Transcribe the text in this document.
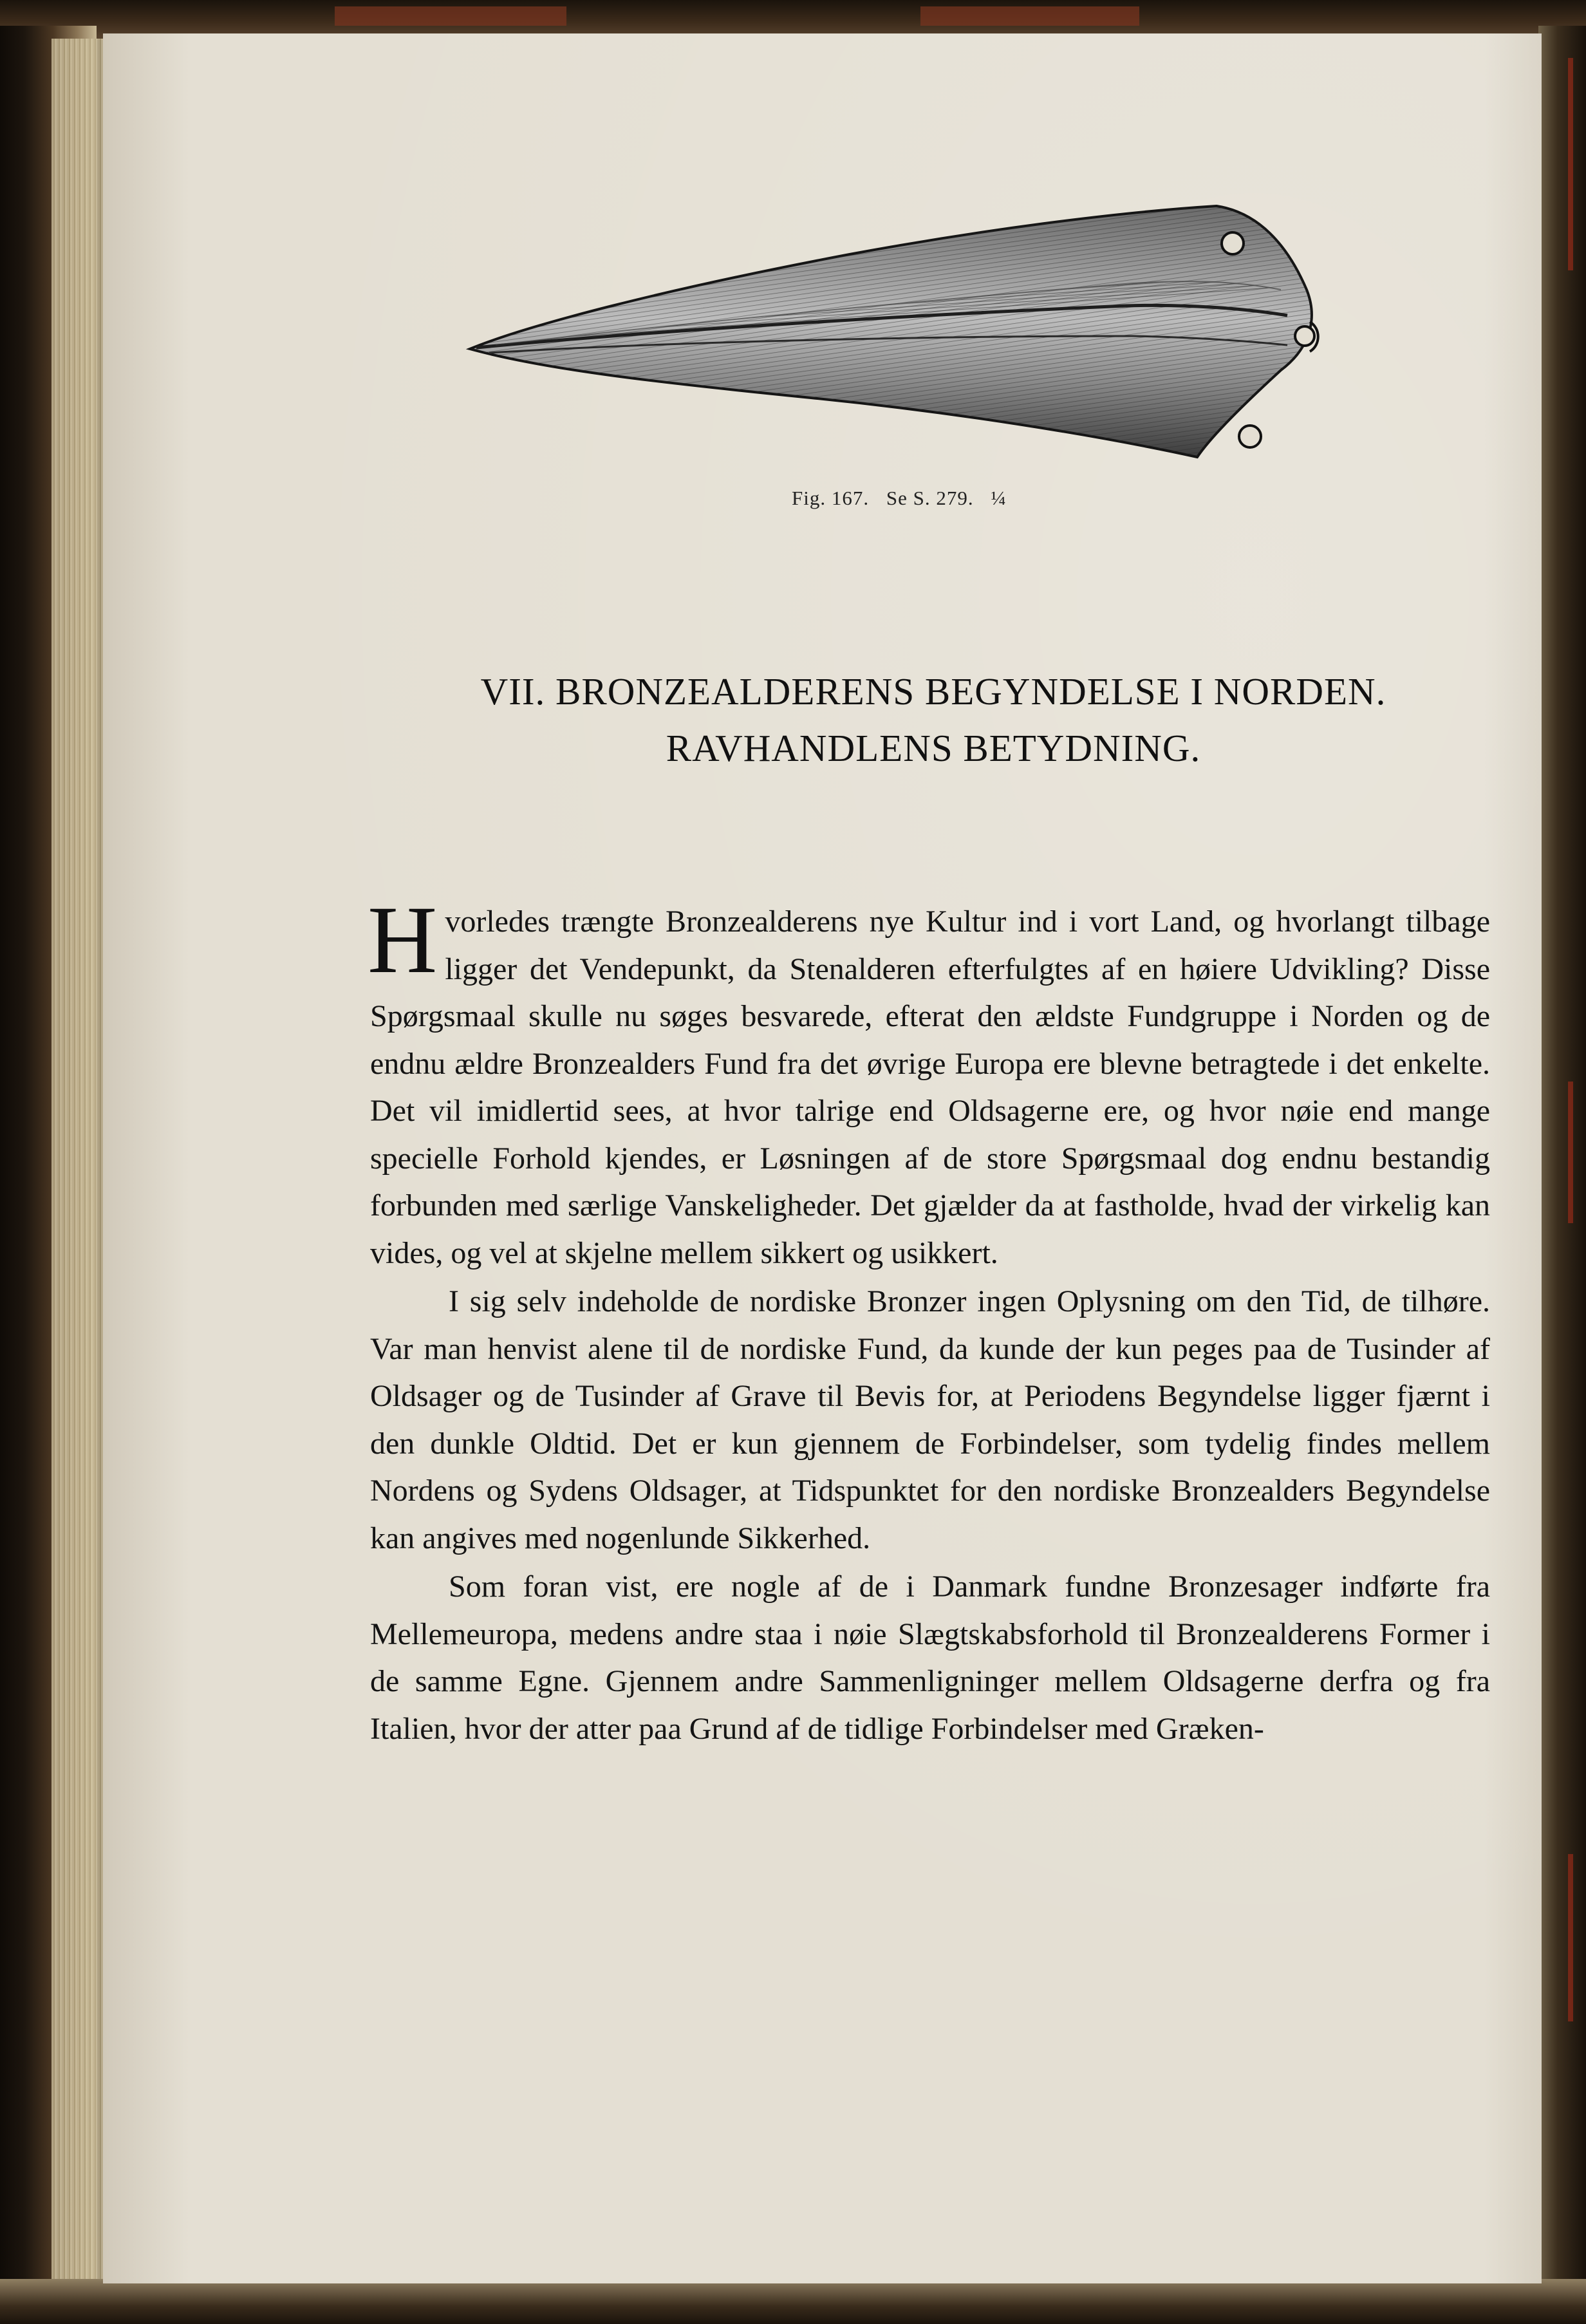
Fig. 167. Se S. 279. ¼
VII. BRONZEALDERENS BEGYNDELSE I NORDEN.
RAVHANDLENS BETYDNING.

Hvorledes trængte Bronzealderens nye Kultur ind i vort Land, og hvorlangt tilbage ligger det Vendepunkt, da Stenalderen efterfulgtes af en høiere Udvikling? Disse Spørgsmaal skulle nu søges besvarede, efterat den ældste Fundgruppe i Norden og de endnu ældre Bronzealders Fund fra det øvrige Europa ere blevne betragtede i det enkelte. Det vil imidlertid sees, at hvor talrige end Oldsagerne ere, og hvor nøie end mange specielle Forhold kjendes, er Løsningen af de store Spørgsmaal dog endnu bestandig forbunden med særlige Vanskeligheder. Det gjælder da at fastholde, hvad der virkelig kan vides, og vel at skjelne mellem sikkert og usikkert.

I sig selv indeholde de nordiske Bronzer ingen Oplysning om den Tid, de tilhøre. Var man henvist alene til de nordiske Fund, da kunde der kun peges paa de Tusinder af Oldsager og de Tusinder af Grave til Bevis for, at Periodens Begyndelse ligger fjærnt i den dunkle Oldtid. Det er kun gjennem de Forbindelser, som tydelig findes mellem Nordens og Sydens Oldsager, at Tidspunktet for den nordiske Bronzealders Begyndelse kan angives med nogenlunde Sikkerhed.

Som foran vist, ere nogle af de i Danmark fundne Bronzesager indførte fra Mellemeuropa, medens andre staa i nøie Slægtskabsforhold til Bronzealderens Former i de samme Egne. Gjennem andre Sammenligninger mellem Oldsagerne derfra og fra Italien, hvor der atter paa Grund af de tidlige Forbindelser med Græken-
